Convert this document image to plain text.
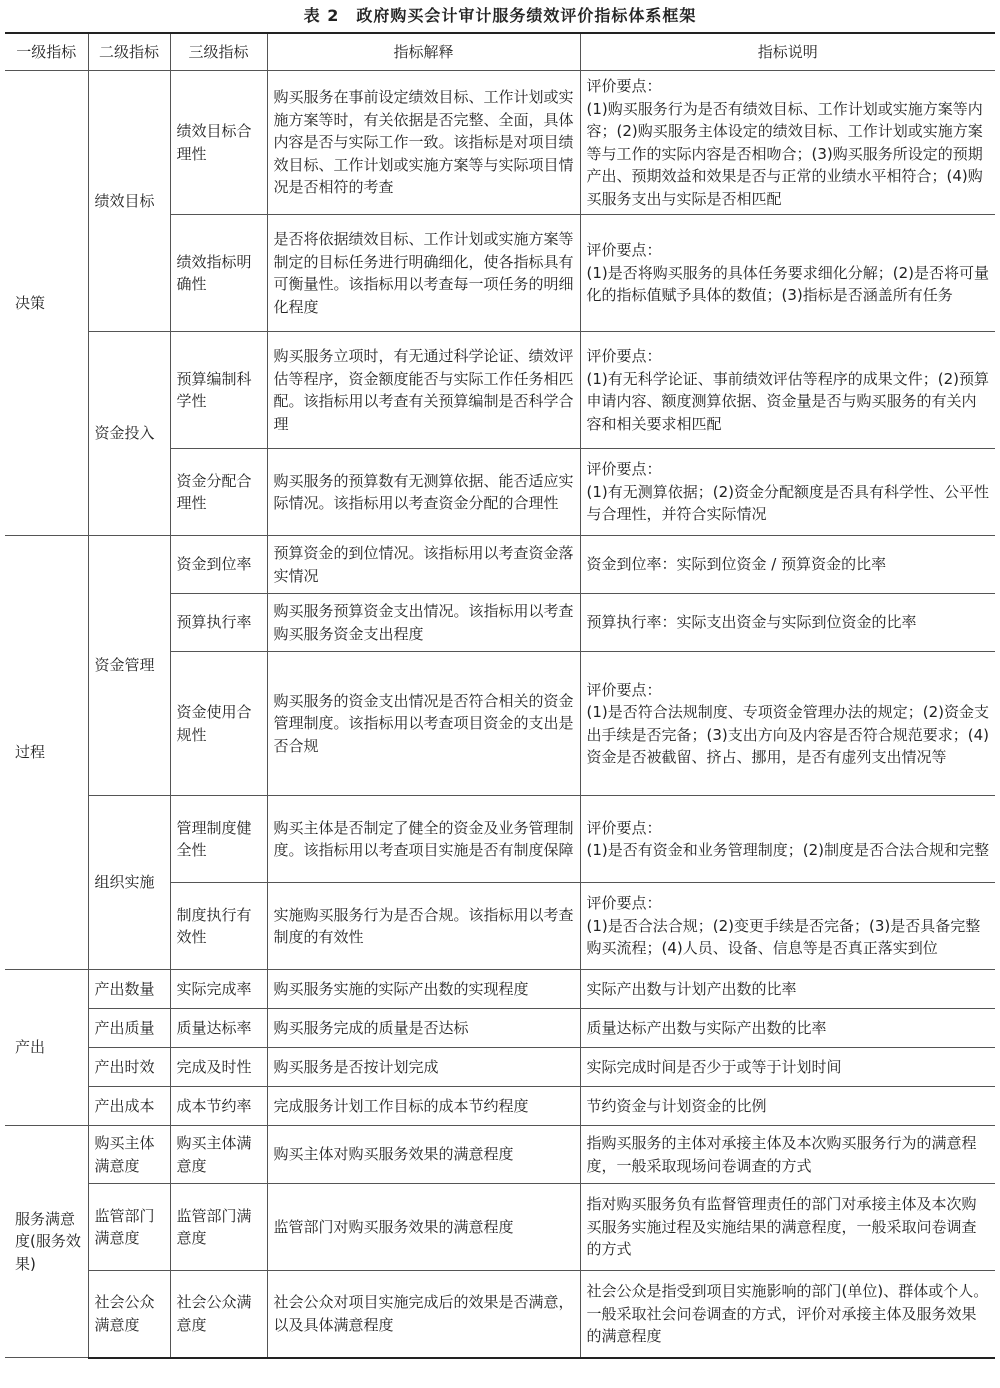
表 2　政府购买会计审计服务绩效评价指标体系框架
一级指标	二级指标	三级指标	指标解释	指标说明
决策	绩效目标	绩效目标合理性	购买服务在事前设定绩效目标、工作计划或实施方案等时，有关依据是否完整、全面，具体内容是否与实际工作一致。该指标是对项目绩效目标、工作计划或实施方案等与实际项目情况是否相符的考查	评价要点：
(1)购买服务行为是否有绩效目标、工作计划或实施方案等内容；(2)购买服务主体设定的绩效目标、工作计划或实施方案等与工作的实际内容是否相吻合；(3)购买服务所设定的预期产出、预期效益和效果是否与正常的业绩水平相符合；(4)购买服务支出与实际是否相匹配
		绩效指标明确性	是否将依据绩效目标、工作计划或实施方案等制定的目标任务进行明确细化，使各指标具有可衡量性。该指标用以考查每一项任务的明细化程度	评价要点：
(1)是否将购买服务的具体任务要求细化分解；(2)是否将可量化的指标值赋予具体的数值；(3)指标是否涵盖所有任务
	资金投入	预算编制科学性	购买服务立项时，有无通过科学论证、绩效评估等程序，资金额度能否与实际工作任务相匹配。该指标用以考查有关预算编制是否科学合理	评价要点：
(1)有无科学论证、事前绩效评估等程序的成果文件；(2)预算申请内容、额度测算依据、资金量是否与购买服务的有关内容和相关要求相匹配
		资金分配合理性	购买服务的预算数有无测算依据、能否适应实际情况。该指标用以考查资金分配的合理性	评价要点：
(1)有无测算依据；(2)资金分配额度是否具有科学性、公平性与合理性，并符合实际情况
过程	资金管理	资金到位率	预算资金的到位情况。该指标用以考查资金落实情况	资金到位率：实际到位资金 / 预算资金的比率
		预算执行率	购买服务预算资金支出情况。该指标用以考查购买服务资金支出程度	预算执行率：实际支出资金与实际到位资金的比率
		资金使用合规性	购买服务的资金支出情况是否符合相关的资金管理制度。该指标用以考查项目资金的支出是否合规	评价要点：
(1)是否符合法规制度、专项资金管理办法的规定；(2)资金支出手续是否完备；(3)支出方向及内容是否符合规范要求；(4)资金是否被截留、挤占、挪用，是否有虚列支出情况等
	组织实施	管理制度健全性	购买主体是否制定了健全的资金及业务管理制度。该指标用以考查项目实施是否有制度保障	评价要点：
(1)是否有资金和业务管理制度；(2)制度是否合法合规和完整
		制度执行有效性	实施购买服务行为是否合规。该指标用以考查制度的有效性	评价要点：
(1)是否合法合规；(2)变更手续是否完备；(3)是否具备完整购买流程；(4)人员、设备、信息等是否真正落实到位
产出	产出数量	实际完成率	购买服务实施的实际产出数的实现程度	实际产出数与计划产出数的比率
	产出质量	质量达标率	购买服务完成的质量是否达标	质量达标产出数与实际产出数的比率
	产出时效	完成及时性	购买服务是否按计划完成	实际完成时间是否少于或等于计划时间
	产出成本	成本节约率	完成服务计划工作目标的成本节约程度	节约资金与计划资金的比例
服务满意度(服务效果)	购买主体满意度	购买主体满意度	购买主体对购买服务效果的满意程度	指购买服务的主体对承接主体及本次购买服务行为的满意程度，一般采取现场问卷调查的方式
	监管部门满意度	监管部门满意度	监管部门对购买服务效果的满意程度	指对购买服务负有监督管理责任的部门对承接主体及本次购买服务实施过程及实施结果的满意程度，一般采取问卷调查的方式
	社会公众满意度	社会公众满意度	社会公众对项目实施完成后的效果是否满意，以及具体满意程度	社会公众是指受到项目实施影响的部门(单位)、群体或个人。一般采取社会问卷调查的方式，评价对承接主体及服务效果的满意程度
